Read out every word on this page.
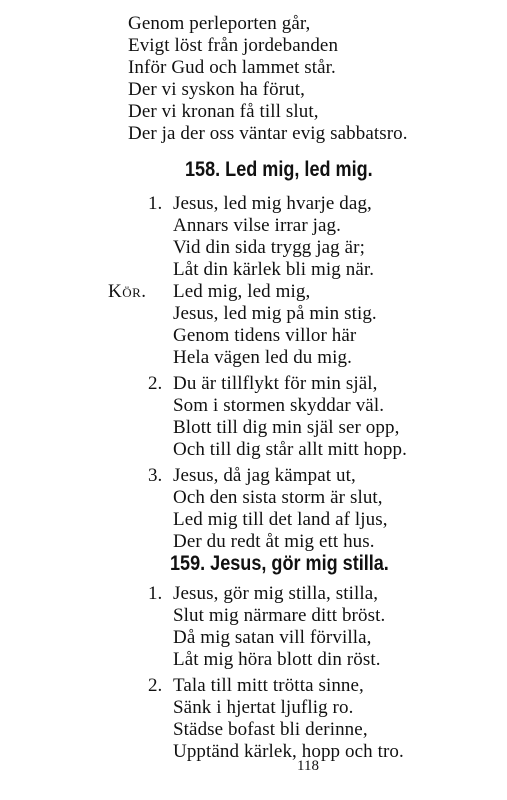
Genom perleporten går,
Evigt löst från jordebanden
Inför Gud och lammet står.
Der vi syskon ha förut,
Der vi kronan få till slut,
Der ja der oss väntar evig sabbatsro.
158. Led mig, led mig.
1. Jesus, led mig hvarje dag,
Annars vilse irrar jag.
Vid din sida trygg jag är;
Låt din kärlek bli mig när.
Kör. Led mig, led mig,
Jesus, led mig på min stig.
Genom tidens villor här
Hela vägen led du mig.
2. Du är tillflykt för min själ,
Som i stormen skyddar väl.
Blott till dig min själ ser opp,
Och till dig står allt mitt hopp.
3. Jesus, då jag kämpat ut,
Och den sista storm är slut,
Led mig till det land af ljus,
Der du redt åt mig ett hus.
159. Jesus, gör mig stilla.
1. Jesus, gör mig stilla, stilla,
Slut mig närmare ditt bröst.
Då mig satan vill förvilla,
Låt mig höra blott din röst.
2. Tala till mitt trötta sinne,
Sänk i hjertat ljuflig ro.
Städse bofast bli derinne,
Upptänd kärlek, hopp och tro.
118
